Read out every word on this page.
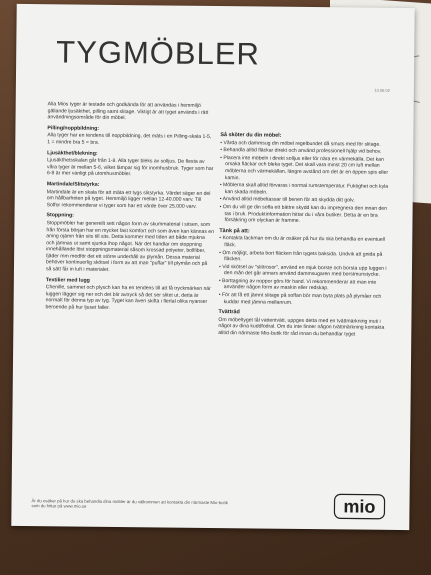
TYGMÖBLER
13.06.02

Alla Mios tyger är testade och godkända för att användas i hemmiljö gällande ljusäkthet, pilling samt slitage. Viktigt är att tyget används i rätt användningsområde för din möbel.

Pilling/noppbildning:

Alla tyger har en tendens till noppbildning, det mäts i en Pilling-skala 1-5, 1 = mindre bra 5 = bra.

Ljusäkthet/blekning:

Ljusäkthetsskalan går från 1-8. Alla tyger bleks av solljus. De flesta av våra tyger är mellan 5-6, vilket lämpar sig för inomhusbruk. Tyger som har 6-8 är mer vanligt på utomhusmöbler.

Martindale/Slitstyrka:

Martindale är en skala för att mäta ett tygs slitstyrka. Värdet säger en del om hållbarheten på tyget. Hemmiljö ligger mellan 12-40.000 varv. Till Soffor rekommenderar vi tyger som har ett värde över 25.000 varv.

Stoppning:

Stoppmöbler har generellt sett någon form av skummaterial i sitsen, som från första början har en mycket fast komfort och som även kan kännas en aning ojämn från sits till sits. Detta kommer med tiden att både mjukna och jämnas ut samt sjunka ihop något. När det handlar om stoppning innehållande löst stoppningsmaterial såsom krossad polyeter, bollfiber, fjäder mm medför det ett större underhåll av plymån. Dessa material behöver kontinuerlig skötsel i form av att man "puffar" till plymån och på så sätt får in luft i materialet.

Textilier med lugg

Chenille, sammet och plysch kan ha en tendens till att få tryckmärken när luggen lägger sig ner och det blir avtryck så det ser slitet ut, detta är normalt för denna typ av tyg. Tyget kan även skifta i flertal olika nyanser beroende på hur ljuset faller.

Så sköter du din möbel:
• Vårda och dammsug din möbel regelbundet då smuts med för slitage.
• Behandla alltid fläckar direkt och använd professionell hjälp vid behov.
• Placera inte möbeln i direkt solljus eller för nära en värmekälla. Det kan orsaka fläckar och bleka tyget. Det skall vara minst 20 cm luft mellan möblerna och värmekällan, längre avstånd om det är en öppen spis eller kamin.
• Möblerna skall alltid förvaras i normal rumstemperatur. Fuktighet och kyla kan skada möbeln.
• Använd alltid möbeltassar till benen för att skydda ditt golv.
• Om du vill ge din soffa ett bättre skydd kan du impregnera den innan den tas i bruk. Produktinformation hittar du i våra butiker. Detta är en bra försäkring om olyckan är framme.
Tänk på att:
• Kontakta fackman om du är osäker på hur du ska behandla en eventuell fläck.
• Om möjligt, arbeta bort fläcken från tygets baksida. Undvik att gnida på fläcken.
• Vid skötsel av "slittrosor", använd en mjuk borste och borsta upp luggen i den mån det går annars använd dammsugaren med borstmunstycke.
• Borttagning av noppor görs för hand. Vi rekommenderar att man inte använder någon form av maskin eller redskap.
• För att få ett jämnt slitage på soffan bör man byta plats på plymåer och kuddar med jämna mellanrum.
Tvätträd

Om möbeltyget tål vattentvätt, uppges detta med en tvättmärkning inuti i något av dina kuddfodral. Om du inte finner någon tvättmärkning kontakta alltid din närmaste Mio-butik för råd innan du behandlar tyget

Är du osäker på hur du ska behandla dina möbler är du välkommen att kontakta din närmaste Mio-butik som du hittar på www.mio.se	mio
